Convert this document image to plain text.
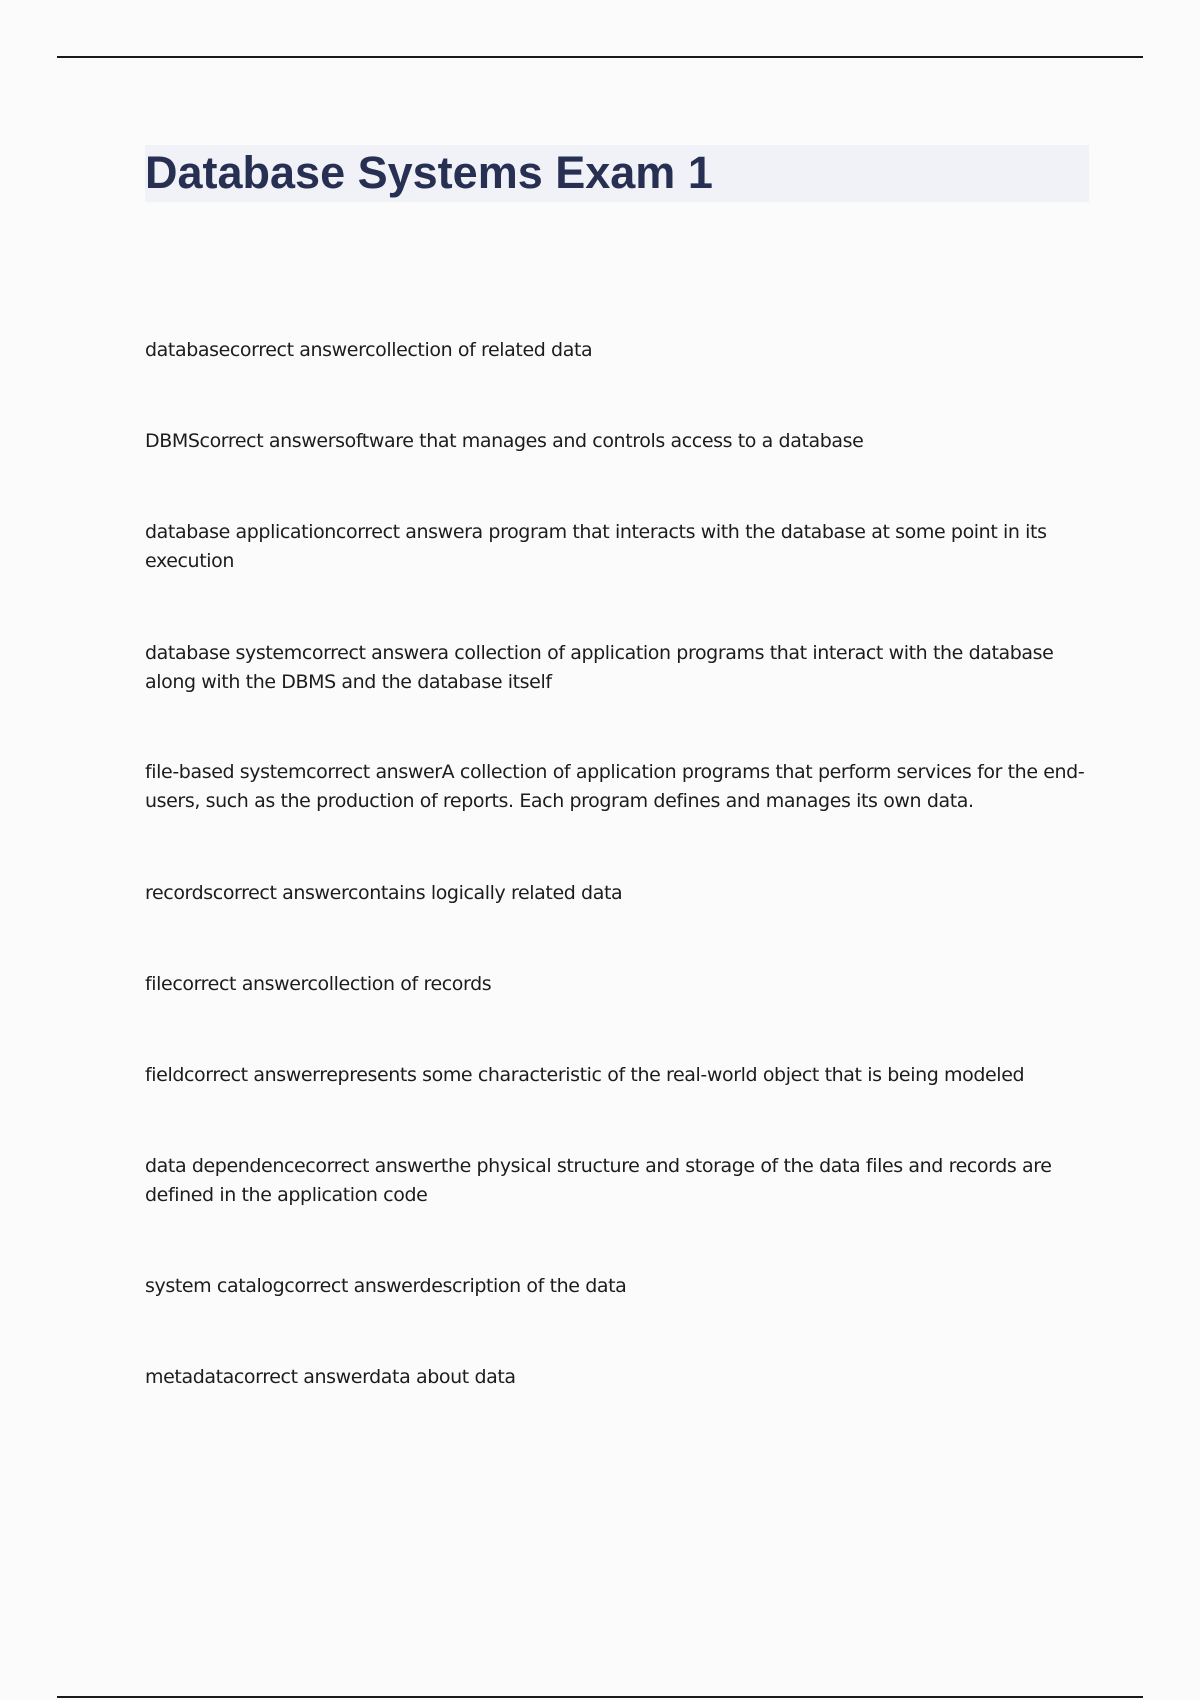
Database Systems Exam 1

databasecorrect answercollection of related data

DBMScorrect answersoftware that manages and controls access to a database

database applicationcorrect answera program that interacts with the database at some point in its execution

database systemcorrect answera collection of application programs that interact with the database along with the DBMS and the database itself

file-based systemcorrect answerA collection of application programs that perform services for the end-users, such as the production of reports. Each program defines and manages its own data.

recordscorrect answercontains logically related data

filecorrect answercollection of records

fieldcorrect answerrepresents some characteristic of the real-world object that is being modeled

data dependencecorrect answerthe physical structure and storage of the data files and records are defined in the application code

system catalogcorrect answerdescription of the data

metadatacorrect answerdata about data
